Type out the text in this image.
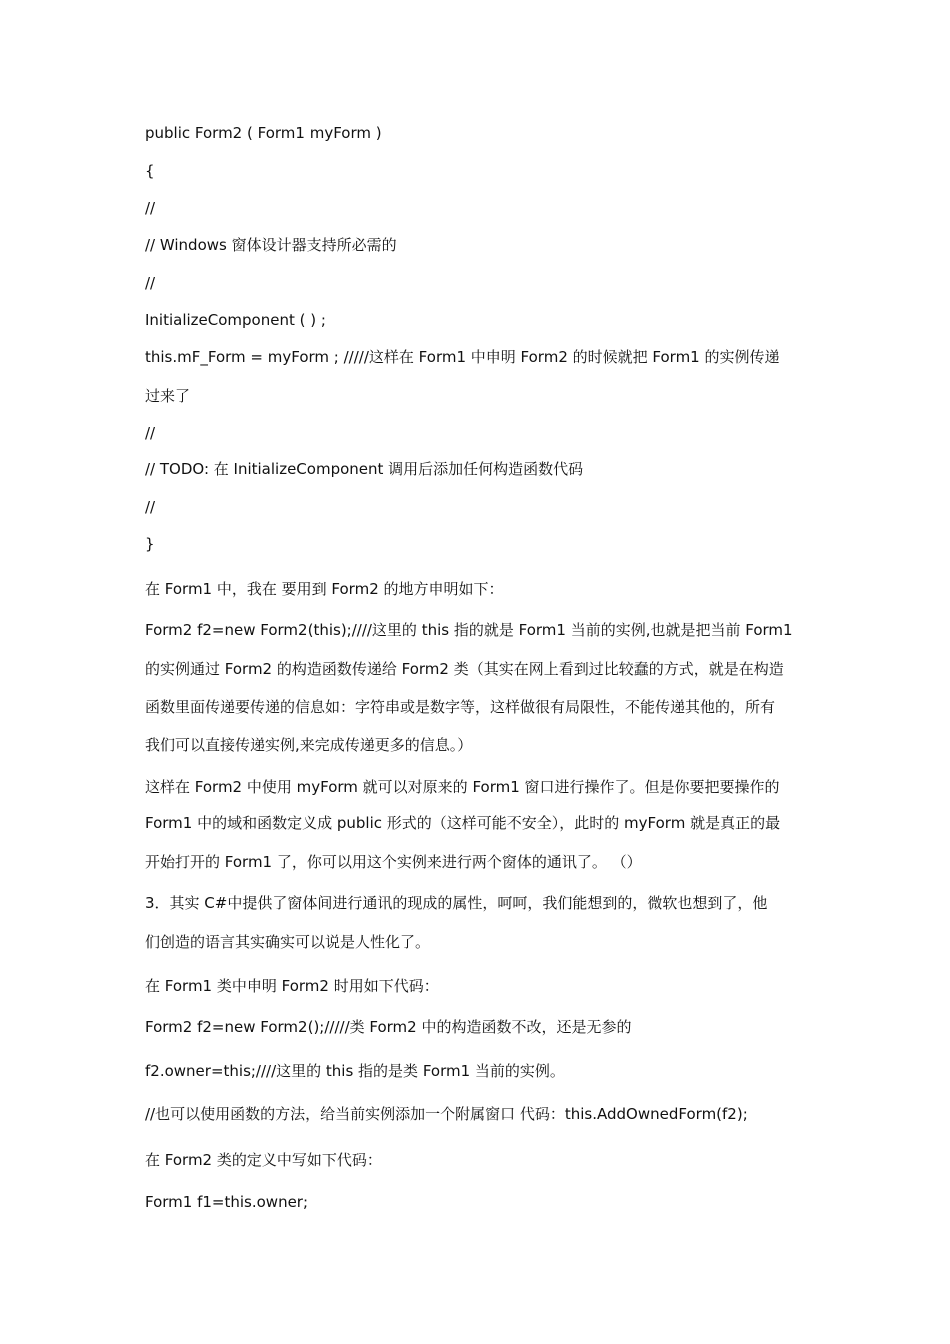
public Form2 ( Form1 myForm )
{
//
// Windows 窗体设计器支持所必需的
//
InitializeComponent ( ) ;
this.mF_Form = myForm ; /////这样在 Form1 中申明 Form2 的时候就把 Form1 的实例传递
过来了
//
// TODO: 在 InitializeComponent 调用后添加任何构造函数代码
//
}
在 Form1 中，我在 要用到 Form2 的地方申明如下：
Form2 f2=new Form2(this);////这里的 this 指的就是 Form1 当前的实例,也就是把当前 Form1
的实例通过 Form2 的构造函数传递给 Form2 类（其实在网上看到过比较蠢的方式，就是在构造
函数里面传递要传递的信息如：字符串或是数字等，这样做很有局限性，不能传递其他的，所有
我们可以直接传递实例,来完成传递更多的信息。）
这样在 Form2 中使用 myForm 就可以对原来的 Form1 窗口进行操作了。但是你要把要操作的
Form1 中的域和函数定义成 public 形式的（这样可能不安全），此时的 myForm 就是真正的最
开始打开的 Form1 了，你可以用这个实例来进行两个窗体的通讯了。 （）
3．其实 C#中提供了窗体间进行通讯的现成的属性，呵呵，我们能想到的，微软也想到了，他
们创造的语言其实确实可以说是人性化了。
在 Form1 类中申明 Form2 时用如下代码：
Form2 f2=new Form2();/////类 Form2 中的构造函数不改，还是无参的
f2.owner=this;////这里的 this 指的是类 Form1 当前的实例。
//也可以使用函数的方法，给当前实例添加一个附属窗口 代码：this.AddOwnedForm(f2);
在 Form2 类的定义中写如下代码：
Form1 f1=this.owner;
